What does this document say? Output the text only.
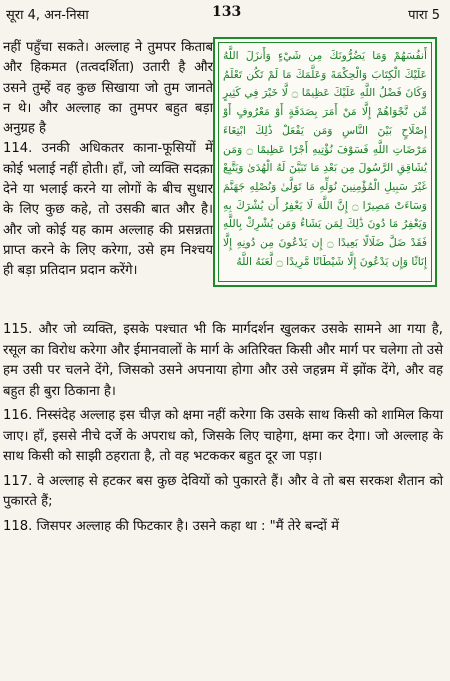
सूरा 4, अन-निसा	133	पारा 5

नहीं पहुँचा सकते। अल्लाह ने तुमपर किताब और हिकमत (तत्वदर्शिता) उतारी है और उसने तुम्हें वह कुछ सिखाया जो तुम जानते न थे। और अल्लाह का तुमपर बहुत बड़ा अनुग्रह है

114. उनकी अधिकतर काना-फूसियों में कोई भलाई नहीं होती। हाँ, जो व्यक्ति सदक़ा देने या भलाई करने या लोगों के बीच सुधार के लिए कुछ कहे, तो उसकी बात और है। और जो कोई यह काम अल्लाह की प्रसन्नता प्राप्त करने के लिए करेगा, उसे हम निश्चय ही बड़ा प्रतिदान प्रदान करेंगे।

أَنفُسَهُمْ وَمَا يَضُرُّونَكَ مِن شَيْءٍ وَأَنزَلَ اللَّهُ عَلَيْكَ الْكِتَابَ وَالْحِكْمَةَ وَعَلَّمَكَ مَا لَمْ تَكُن تَعْلَمُ وَكَانَ فَضْلُ اللَّهِ عَلَيْكَ عَظِيمًا ۝ لَّا خَيْرَ فِي كَثِيرٍ مِّن نَّجْوَاهُمْ إِلَّا مَنْ أَمَرَ بِصَدَقَةٍ أَوْ مَعْرُوفٍ أَوْ إِصْلَاحٍ بَيْنَ النَّاسِ وَمَن يَفْعَلْ ذَٰلِكَ ابْتِغَاءَ مَرْضَاتِ اللَّهِ فَسَوْفَ نُؤْتِيهِ أَجْرًا عَظِيمًا ۝ وَمَن يُشَاقِقِ الرَّسُولَ مِن بَعْدِ مَا تَبَيَّنَ لَهُ الْهُدَىٰ وَيَتَّبِعْ غَيْرَ سَبِيلِ الْمُؤْمِنِينَ نُوَلِّهِ مَا تَوَلَّىٰ وَنُصْلِهِ جَهَنَّمَ وَسَاءَتْ مَصِيرًا ۝ إِنَّ اللَّهَ لَا يَغْفِرُ أَن يُشْرَكَ بِهِ وَيَغْفِرُ مَا دُونَ ذَٰلِكَ لِمَن يَشَاءُ وَمَن يُشْرِكْ بِاللَّهِ فَقَدْ ضَلَّ ضَلَالًا بَعِيدًا ۝ إِن يَدْعُونَ مِن دُونِهِ إِلَّا إِنَاثًا وَإِن يَدْعُونَ إِلَّا شَيْطَانًا مَّرِيدًا ۝ لَّعَنَهُ اللَّهُ

115. और जो व्यक्ति, इसके पश्चात भी कि मार्गदर्शन खुलकर उसके सामने आ गया है, रसूल का विरोध करेगा और ईमानवालों के मार्ग के अतिरिक्त किसी और मार्ग पर चलेगा तो उसे हम उसी पर चलने देंगे, जिसको उसने अपनाया होगा और उसे जहन्नम में झोंक देंगे, और वह बहुत ही बुरा ठिकाना है।

116. निस्संदेह अल्लाह इस चीज़ को क्षमा नहीं करेगा कि उसके साथ किसी को शामिल किया जाए। हाँ, इससे नीचे दर्जे के अपराध को, जिसके लिए चाहेगा, क्षमा कर देगा। जो अल्लाह के साथ किसी को साझी ठहराता है, तो वह भटककर बहुत दूर जा पड़ा।

117. वे अल्लाह से हटकर बस कुछ देवियों को पुकारते हैं। और वे तो बस सरकश शैतान को पुकारते हैं;

118. जिसपर अल्लाह की फिटकार है। उसने कहा था : "मैं तेरे बन्दों में
